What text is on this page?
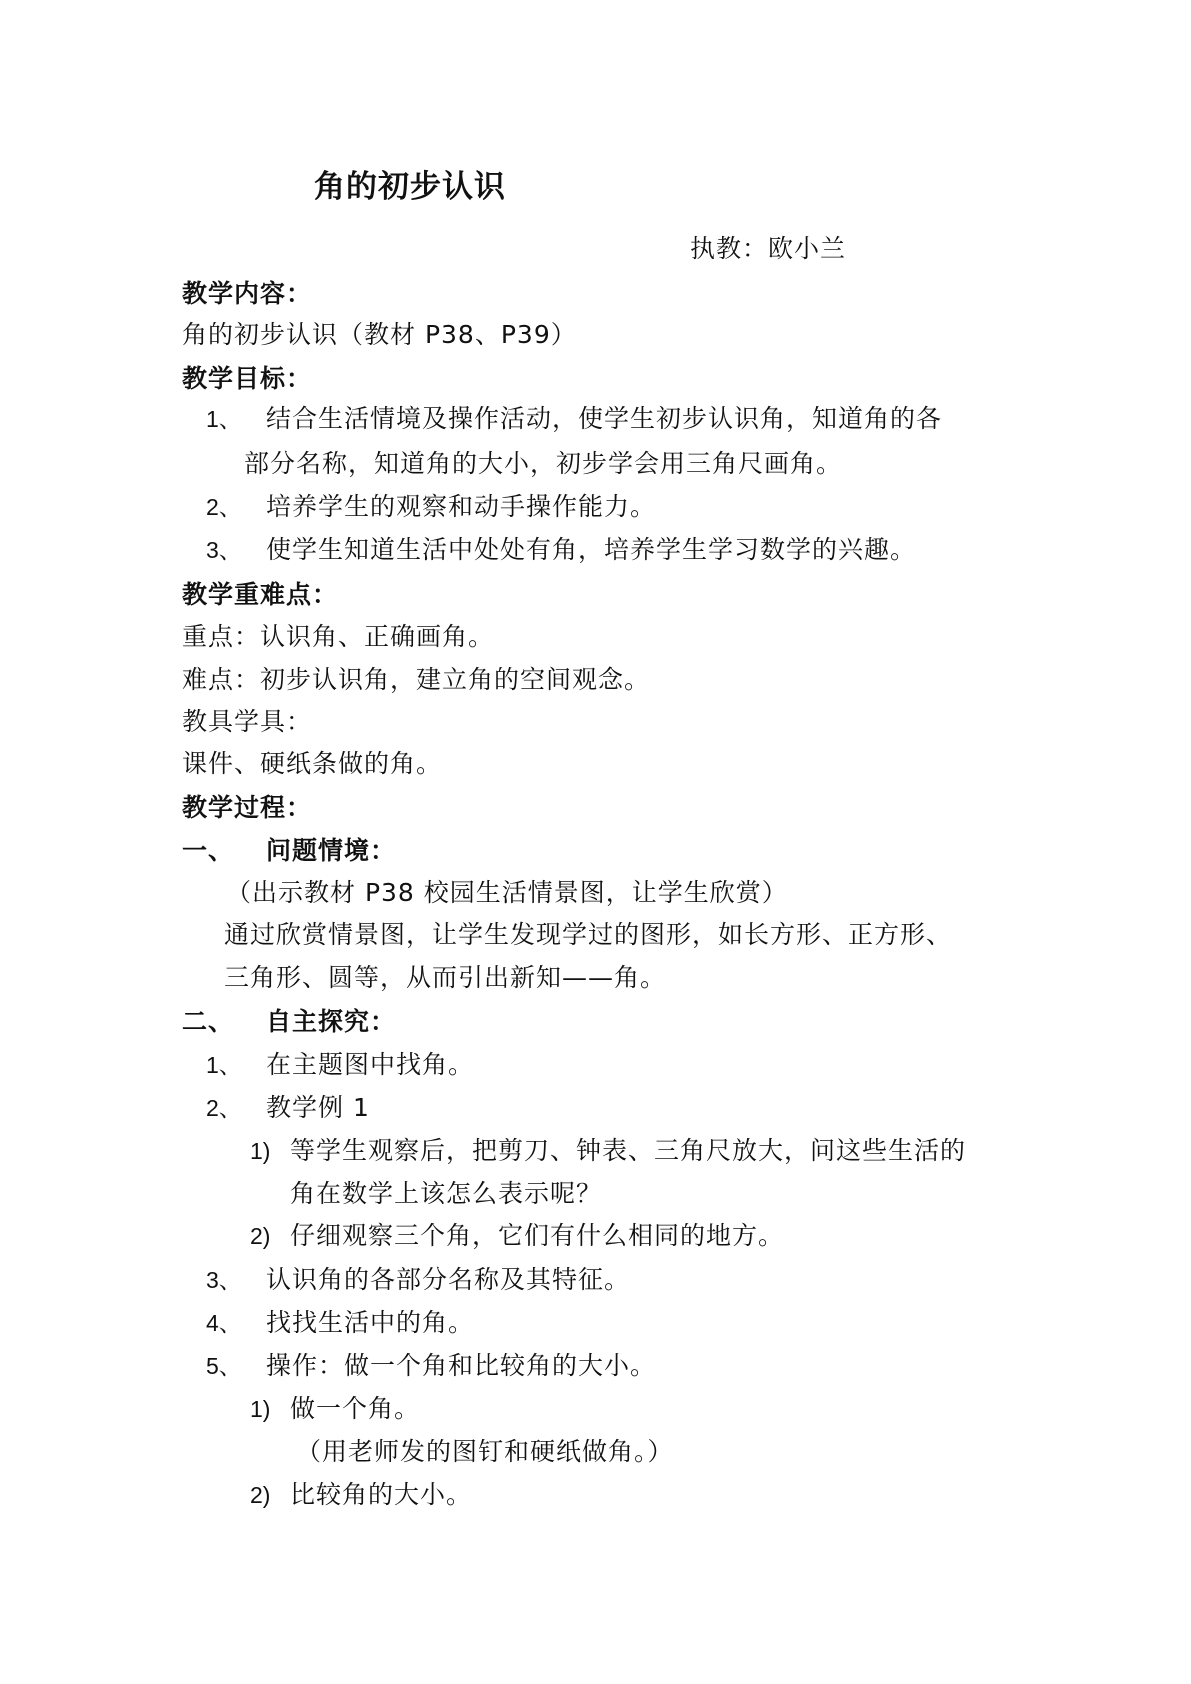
角的初步认识
执教：欧小兰
教学内容：
角的初步认识（教材 P38、P39）
教学目标：
1、 结合生活情境及操作活动，使学生初步认识角，知道角的各
部分名称，知道角的大小，初步学会用三角尺画角。
2、 培养学生的观察和动手操作能力。
3、 使学生知道生活中处处有角，培养学生学习数学的兴趣。
教学重难点：
重点：认识角、正确画角。
难点：初步认识角，建立角的空间观念。
教具学具：
课件、硬纸条做的角。
教学过程：
一、 问题情境：
（出示教材 P38 校园生活情景图，让学生欣赏）
通过欣赏情景图，让学生发现学过的图形，如长方形、正方形、
三角形、圆等，从而引出新知——角。
二、 自主探究：
1、 在主题图中找角。
2、 教学例 1
1) 等学生观察后，把剪刀、钟表、三角尺放大，问这些生活的
角在数学上该怎么表示呢？
2) 仔细观察三个角，它们有什么相同的地方。
3、 认识角的各部分名称及其特征。
4、 找找生活中的角。
5、 操作：做一个角和比较角的大小。
1) 做一个角。
（用老师发的图钉和硬纸做角。）
2) 比较角的大小。
